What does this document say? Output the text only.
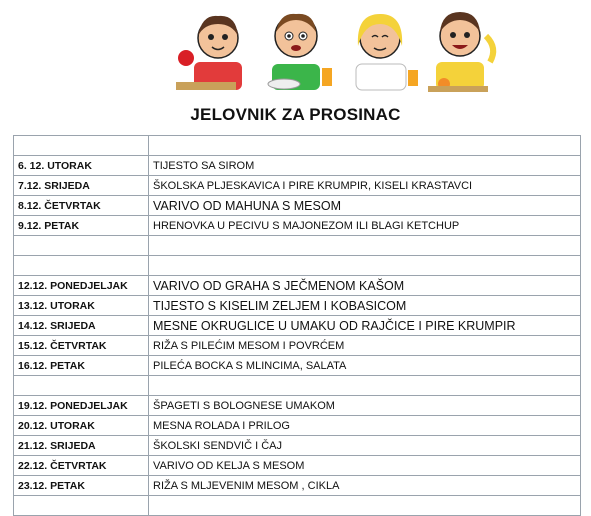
JELOVNIK ZA PROSINAC

6. 12. UTORAK	TIJESTO SA SIROM
7.12. SRIJEDA	ŠKOLSKA PLJESKAVICA I PIRE KRUMPIR, KISELI KRASTAVCI
8.12. ČETVRTAK	VARIVO OD MAHUNA S MESOM
9.12. PETAK	HRENOVKA U PECIVU S MAJONEZOM ILI BLAGI KETCHUP

12.12. PONEDJELJAK	VARIVO OD GRAHA S JEČMENOM KAŠOM
13.12. UTORAK	TIJESTO S KISELIM ZELJEM I KOBASICOM
14.12. SRIJEDA	MESNE OKRUGLICE U UMAKU OD RAJČICE I PIRE KRUMPIR
15.12. ČETVRTAK	RIŽA S PILEĆIM MESOM I POVRĆEM
16.12. PETAK	PILEĆA BOCKA S MLINCIMA, SALATA

19.12. PONEDJELJAK	ŠPAGETI S BOLOGNESE UMAKOM
20.12. UTORAK	MESNA ROLADA I PRILOG
21.12. SRIJEDA	ŠKOLSKI SENDVIČ I ČAJ
22.12. ČETVRTAK	VARIVO OD KELJA S MESOM
23.12. PETAK	RIŽA S MLJEVENIM MESOM , CIKLA
